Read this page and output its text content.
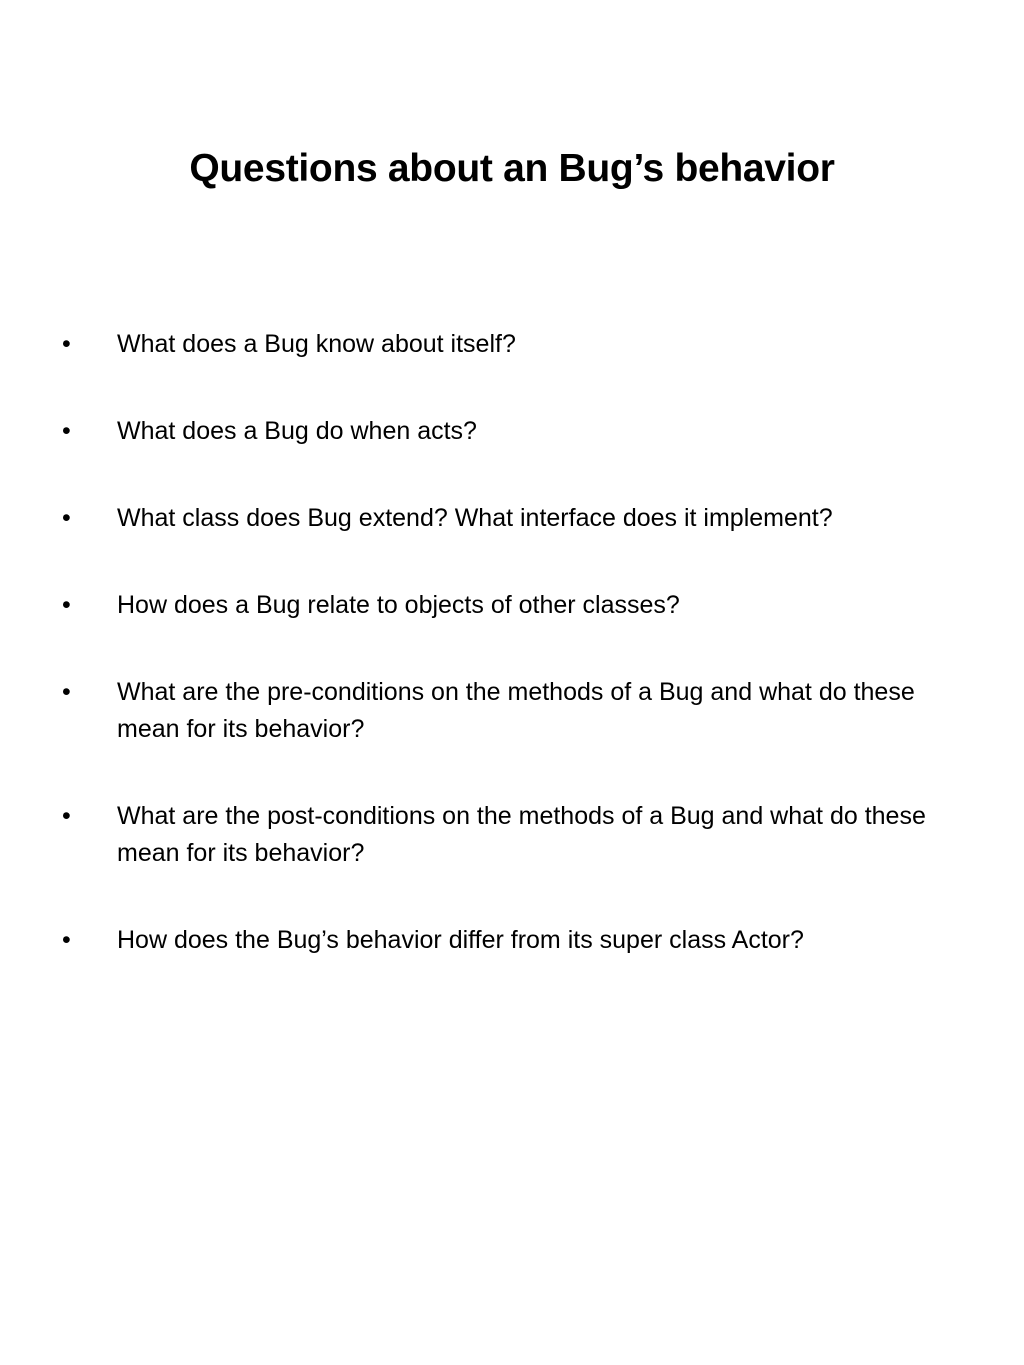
Questions about an Bug’s behavior
•	What does a Bug know about itself?
•	What does a Bug do when acts?
•	What class does Bug extend? What interface does it implement?
•	How does a Bug relate to objects of other classes?
•	What are the pre-conditions on the methods of a Bug and what do these mean for its behavior?
•	What are the post-conditions on the methods of a Bug and what do these mean for its behavior?
•	How does the Bug’s behavior differ from its super class Actor?
